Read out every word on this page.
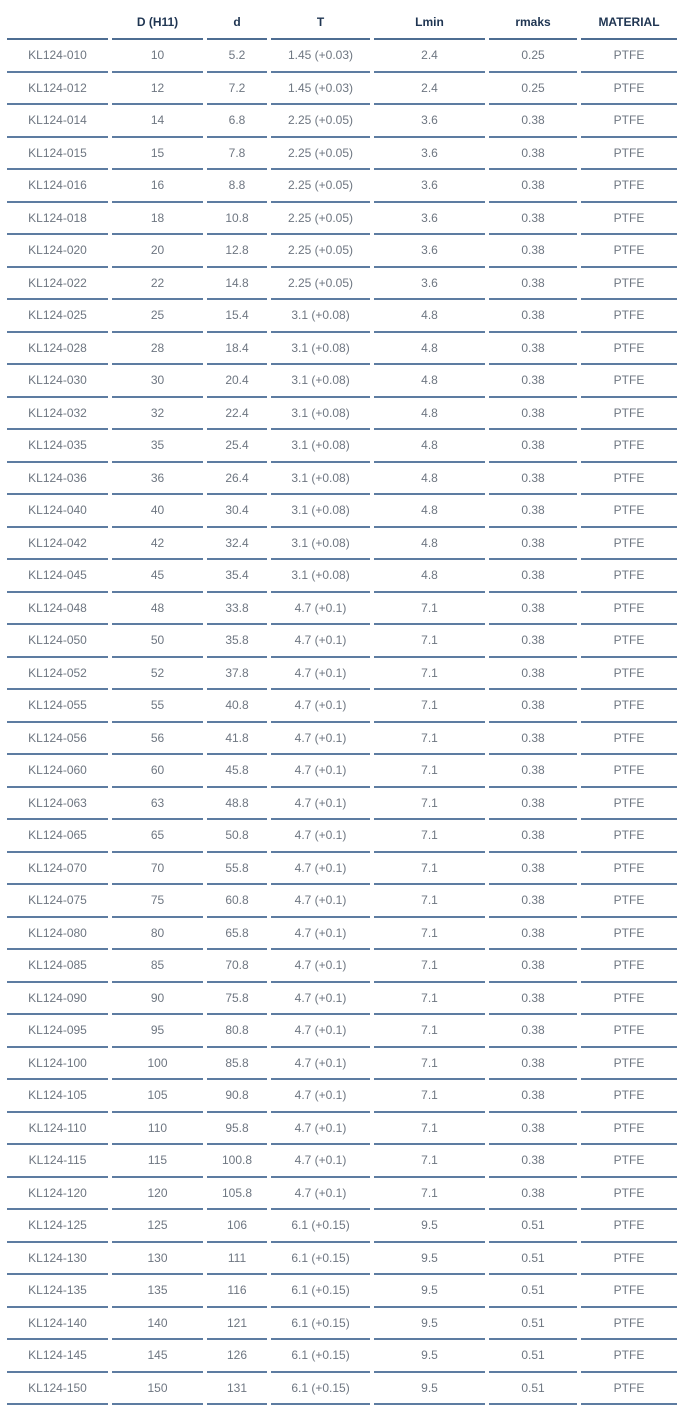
	D (H11)	d	T	Lmin	rmaks	MATERIAL
KL124-010	10	5.2	1.45 (+0.03)	2.4	0.25	PTFE
KL124-012	12	7.2	1.45 (+0.03)	2.4	0.25	PTFE
KL124-014	14	6.8	2.25 (+0.05)	3.6	0.38	PTFE
KL124-015	15	7.8	2.25 (+0.05)	3.6	0.38	PTFE
KL124-016	16	8.8	2.25 (+0.05)	3.6	0.38	PTFE
KL124-018	18	10.8	2.25 (+0.05)	3.6	0.38	PTFE
KL124-020	20	12.8	2.25 (+0.05)	3.6	0.38	PTFE
KL124-022	22	14.8	2.25 (+0.05)	3.6	0.38	PTFE
KL124-025	25	15.4	3.1 (+0.08)	4.8	0.38	PTFE
KL124-028	28	18.4	3.1 (+0.08)	4.8	0.38	PTFE
KL124-030	30	20.4	3.1 (+0.08)	4.8	0.38	PTFE
KL124-032	32	22.4	3.1 (+0.08)	4.8	0.38	PTFE
KL124-035	35	25.4	3.1 (+0.08)	4.8	0.38	PTFE
KL124-036	36	26.4	3.1 (+0.08)	4.8	0.38	PTFE
KL124-040	40	30.4	3.1 (+0.08)	4.8	0.38	PTFE
KL124-042	42	32.4	3.1 (+0.08)	4.8	0.38	PTFE
KL124-045	45	35.4	3.1 (+0.08)	4.8	0.38	PTFE
KL124-048	48	33.8	4.7 (+0.1)	7.1	0.38	PTFE
KL124-050	50	35.8	4.7 (+0.1)	7.1	0.38	PTFE
KL124-052	52	37.8	4.7 (+0.1)	7.1	0.38	PTFE
KL124-055	55	40.8	4.7 (+0.1)	7.1	0.38	PTFE
KL124-056	56	41.8	4.7 (+0.1)	7.1	0.38	PTFE
KL124-060	60	45.8	4.7 (+0.1)	7.1	0.38	PTFE
KL124-063	63	48.8	4.7 (+0.1)	7.1	0.38	PTFE
KL124-065	65	50.8	4.7 (+0.1)	7.1	0.38	PTFE
KL124-070	70	55.8	4.7 (+0.1)	7.1	0.38	PTFE
KL124-075	75	60.8	4.7 (+0.1)	7.1	0.38	PTFE
KL124-080	80	65.8	4.7 (+0.1)	7.1	0.38	PTFE
KL124-085	85	70.8	4.7 (+0.1)	7.1	0.38	PTFE
KL124-090	90	75.8	4.7 (+0.1)	7.1	0.38	PTFE
KL124-095	95	80.8	4.7 (+0.1)	7.1	0.38	PTFE
KL124-100	100	85.8	4.7 (+0.1)	7.1	0.38	PTFE
KL124-105	105	90.8	4.7 (+0.1)	7.1	0.38	PTFE
KL124-110	110	95.8	4.7 (+0.1)	7.1	0.38	PTFE
KL124-115	115	100.8	4.7 (+0.1)	7.1	0.38	PTFE
KL124-120	120	105.8	4.7 (+0.1)	7.1	0.38	PTFE
KL124-125	125	106	6.1 (+0.15)	9.5	0.51	PTFE
KL124-130	130	111	6.1 (+0.15)	9.5	0.51	PTFE
KL124-135	135	116	6.1 (+0.15)	9.5	0.51	PTFE
KL124-140	140	121	6.1 (+0.15)	9.5	0.51	PTFE
KL124-145	145	126	6.1 (+0.15)	9.5	0.51	PTFE
KL124-150	150	131	6.1 (+0.15)	9.5	0.51	PTFE
